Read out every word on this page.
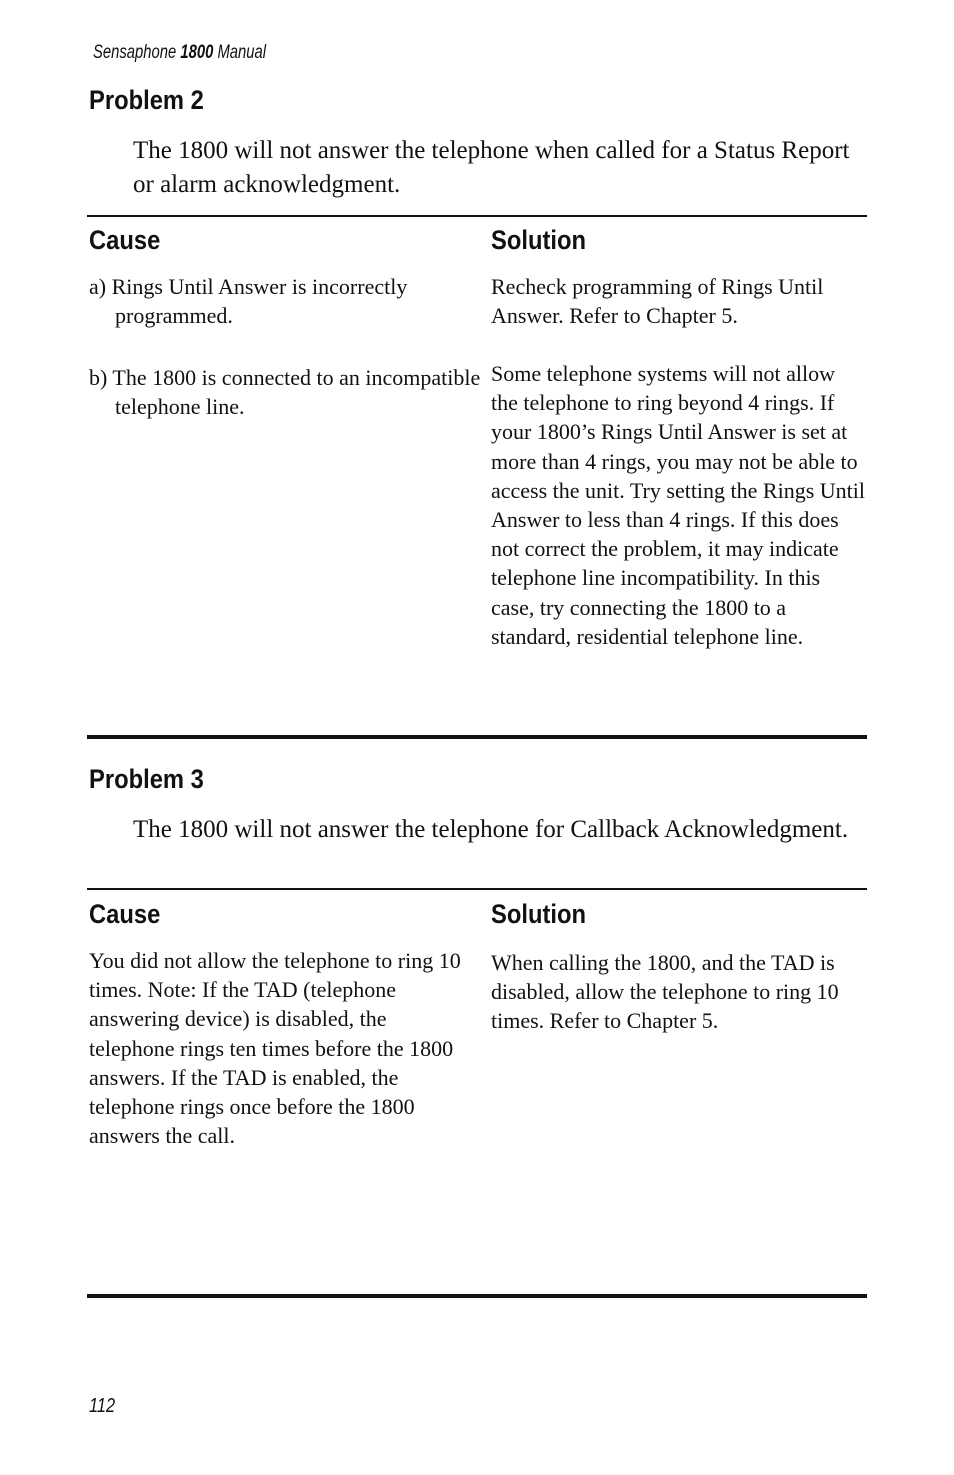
Sensaphone 1800 Manual
Problem 2
The 1800 will not answer the telephone when called for a Status Report or alarm acknowledgment.
Cause	Solution
a) Rings Until Answer is incorrectly programmed.
Recheck programming of Rings Until Answer. Refer to Chapter 5.
b) The 1800 is connected to an incompatible telephone line.
Some telephone systems will not allow the telephone to ring beyond 4 rings. If your 1800’s Rings Until Answer is set at more than 4 rings, you may not be able to access the unit. Try setting the Rings Until Answer to less than 4 rings. If this does not correct the problem, it may indicate telephone line incompatibility. In this case, try connecting the 1800 to a standard, residential telephone line.
Problem 3
The 1800 will not answer the telephone for Callback Acknowledgment.
Cause	Solution
You did not allow the telephone to ring 10 times. Note: If the TAD (telephone answering device) is disabled, the telephone rings ten times before the 1800 answers. If the TAD is enabled, the telephone rings once before the 1800 answers the call.
When calling the 1800, and the TAD is disabled, allow the telephone to ring 10 times. Refer to Chapter 5.
112
